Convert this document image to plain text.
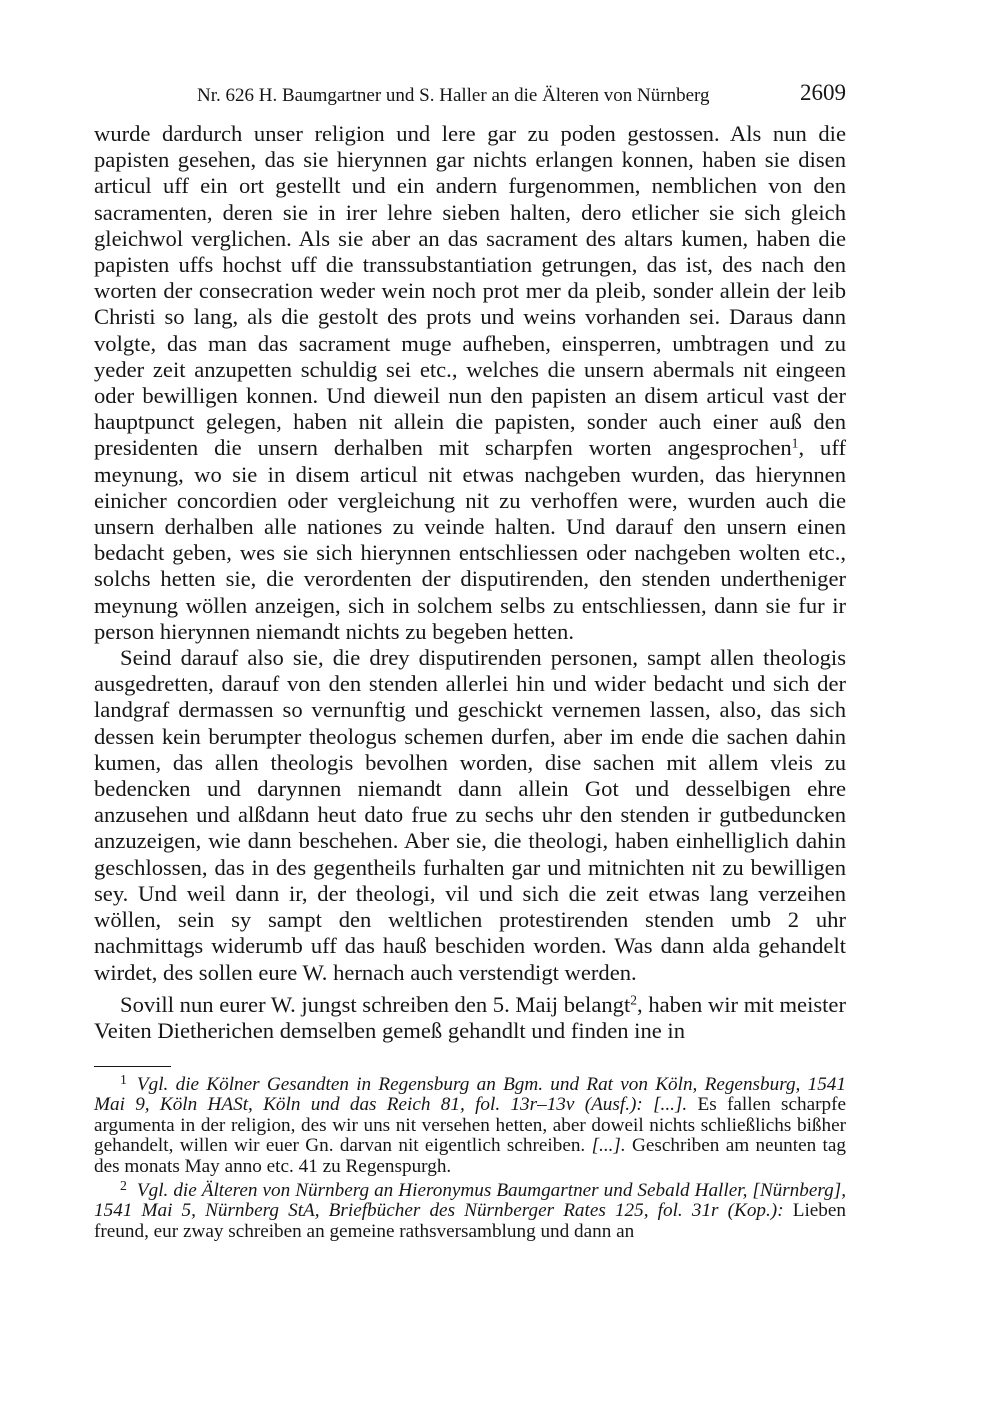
Nr. 626 H. Baumgartner und S. Haller an die Älteren von Nürnberg	2609

wurde dardurch unser religion und lere gar zu poden gestossen. Als nun die papisten gesehen, das sie hierynnen gar nichts erlangen konnen, haben sie disen articul uff ein ort gestellt und ein andern furgenommen, nemblichen von den sacramenten, deren sie in irer lehre sieben halten, dero etlicher sie sich gleich gleichwol verglichen. Als sie aber an das sacrament des altars kumen, haben die papisten uffs hochst uff die transsubstantiation getrungen, das ist, des nach den worten der consecration weder wein noch prot mer da pleib, sonder allein der leib Christi so lang, als die gestolt des prots und weins vorhanden sei. Daraus dann volgte, das man das sacrament muge aufheben, einsperren, umbtragen und zu yeder zeit anzupetten schuldig sei etc., welches die unsern abermals nit eingeen oder bewilligen konnen. Und dieweil nun den papisten an disem articul vast der hauptpunct gelegen, haben nit allein die papisten, sonder auch einer auß den presidenten die unsern derhalben mit scharpfen worten angesprochen$^1$, uff meynung, wo sie in disem articul nit etwas nachgeben wurden, das hierynnen einicher concordien oder vergleichung nit zu verhoffen were, wurden auch die unsern derhalben alle nationes zu veinde halten. Und darauf den unsern einen bedacht geben, wes sie sich hierynnen entschliessen oder nachgeben wolten etc., solchs hetten sie, die verordenten der disputirenden, den stenden undertheniger meynung wöllen anzeigen, sich in solchem selbs zu entschliessen, dann sie fur ir person hierynnen niemandt nichts zu begeben hetten.

Seind darauf also sie, die drey disputirenden personen, sampt allen theologis ausgedretten, darauf von den stenden allerlei hin und wider bedacht und sich der landgraf dermassen so vernunftig und geschickt vernemen lassen, also, das sich dessen kein berumpter theologus schemen durfen, aber im ende die sachen dahin kumen, das allen theologis bevolhen worden, dise sachen mit allem vleis zu bedencken und darynnen niemandt dann allein Got und desselbigen ehre anzusehen und alßdann heut dato frue zu sechs uhr den stenden ir gutbeduncken anzuzeigen, wie dann beschehen. Aber sie, die theologi, haben einhelliglich dahin geschlossen, das in des gegentheils furhalten gar und mitnichten nit zu bewilligen sey. Und weil dann ir, der theologi, vil und sich die zeit etwas lang verzeihen wöllen, sein sy sampt den weltlichen protestirenden stenden umb 2 uhr nachmittags widerumb uff das hauß beschiden worden. Was dann alda gehandelt wirdet, des sollen eure W. hernach auch verstendigt werden.

Sovill nun eurer W. jungst schreiben den 5. Maij belangt$^2$, haben wir mit meister Veiten Dietherichen demselben gemeß gehandlt und finden ine in

$^1$ Vgl. die Kölner Gesandten in Regensburg an Bgm. und Rat von Köln, Regensburg, 1541 Mai 9, Köln HASt, Köln und das Reich 81, fol. 13r–13v (Ausf.): [...]. Es fallen scharpfe argumenta in der religion, des wir uns nit versehen hetten, aber doweil nichts schließlichs bißher gehandelt, willen wir euer Gn. darvan nit eigentlich schreiben. [...]. Geschriben am neunten tag des monats May anno etc. 41 zu Regenspurgh.

$^2$ Vgl. die Älteren von Nürnberg an Hieronymus Baumgartner und Sebald Haller, [Nürnberg], 1541 Mai 5, Nürnberg StA, Briefbücher des Nürnberger Rates 125, fol. 31r (Kop.): Lieben freund, eur zway schreiben an gemeine rathsversamblung und dann an
